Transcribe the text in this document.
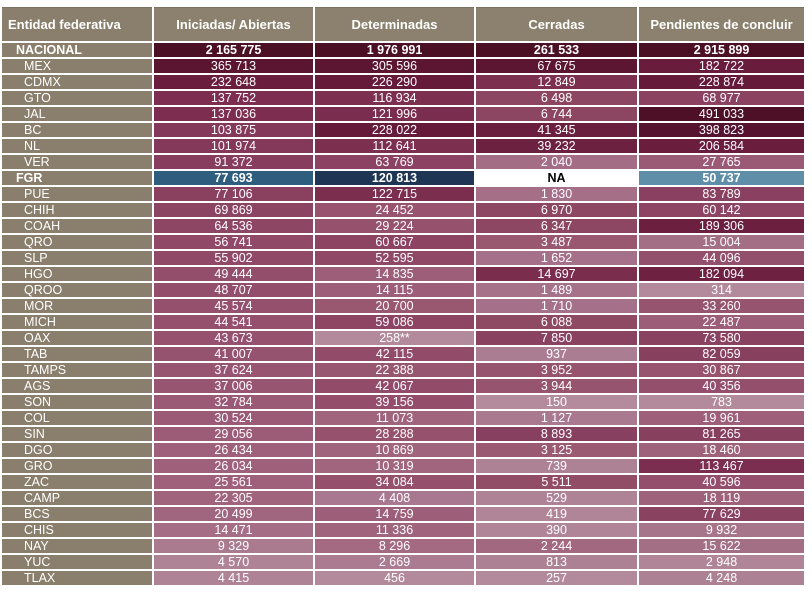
Entidad federativa	Iniciadas/ Abiertas	Determinadas	Cerradas	Pendientes de concluir
NACIONAL	2 165 775	1 976 991	261 533	2 915 899
MEX	365 713	305 596	67 675	182 722
CDMX	232 648	226 290	12 849	228 874
GTO	137 752	116 934	6 498	68 977
JAL	137 036	121 996	6 744	491 033
BC	103 875	228 022	41 345	398 823
NL	101 974	112 641	39 232	206 584
VER	91 372	63 769	2 040	27 765
FGR	77 693	120 813	NA	50 737
PUE	77 106	122 715	1 830	83 789
CHIH	69 869	24 452	6 970	60 142
COAH	64 536	29 224	6 347	189 306
QRO	56 741	60 667	3 487	15 004
SLP	55 902	52 595	1 652	44 096
HGO	49 444	14 835	14 697	182 094
QROO	48 707	14 115	1 489	314
MOR	45 574	20 700	1 710	33 260
MICH	44 541	59 086	6 088	22 487
OAX	43 673	258**	7 850	73 580
TAB	41 007	42 115	937	82 059
TAMPS	37 624	22 388	3 952	30 867
AGS	37 006	42 067	3 944	40 356
SON	32 784	39 156	150	783
COL	30 524	11 073	1 127	19 961
SIN	29 056	28 288	8 893	81 265
DGO	26 434	10 869	3 125	18 460
GRO	26 034	10 319	739	113 467
ZAC	25 561	34 084	5 511	40 596
CAMP	22 305	4 408	529	18 119
BCS	20 499	14 759	419	77 629
CHIS	14 471	11 336	390	9 932
NAY	9 329	8 296	2 244	15 622
YUC	4 570	2 669	813	2 948
TLAX	4 415	456	257	4 248
